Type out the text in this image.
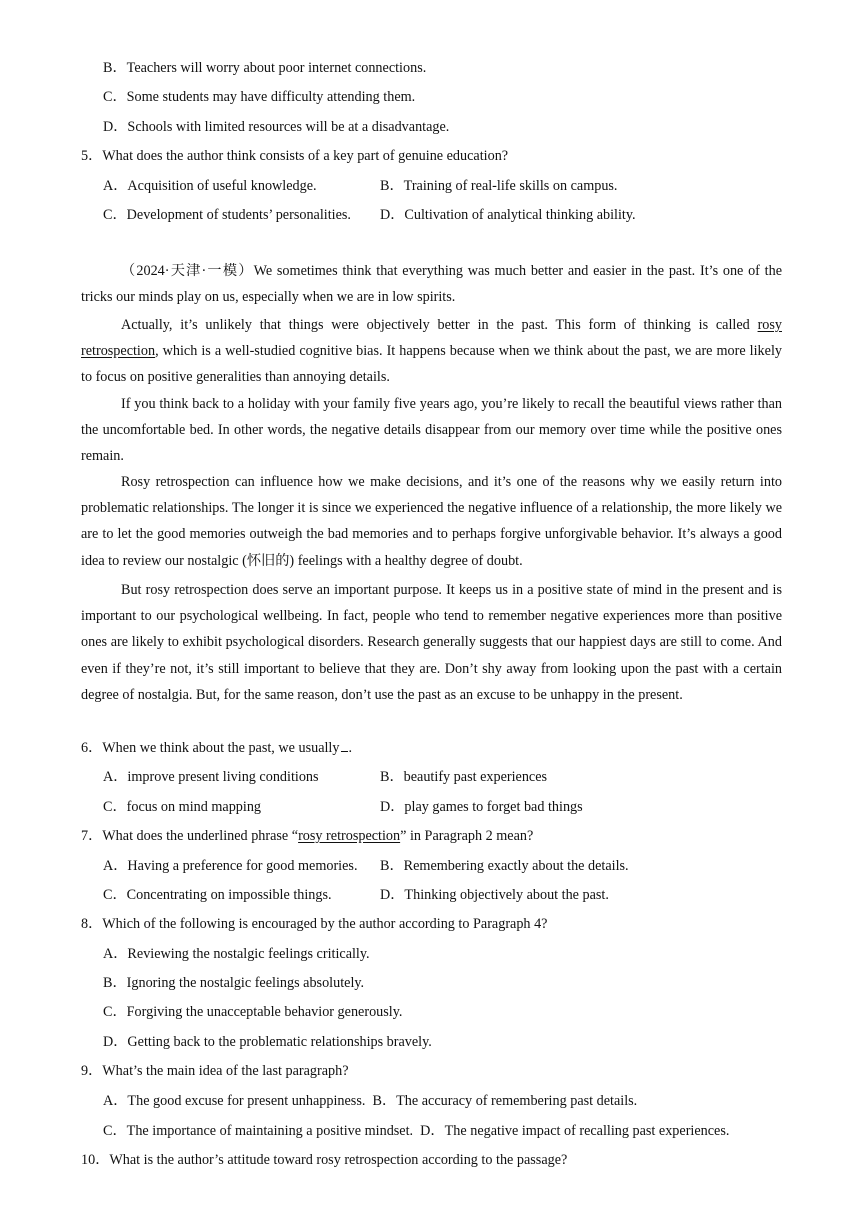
B．Teachers will worry about poor internet connections.
C．Some students may have difficulty attending them.
D．Schools with limited resources will be at a disadvantage.
5．What does the author think consists of a key part of genuine education?
A．Acquisition of useful knowledge.	B．Training of real-life skills on campus.
C．Development of students’ personalities. D．Cultivation of analytical thinking ability.
（2024·天津·一模）We sometimes think that everything was much better and easier in the past. It’s one of the tricks our minds play on us, especially when we are in low spirits.
Actually, it’s unlikely that things were objectively better in the past. This form of thinking is called rosy retrospection, which is a well-studied cognitive bias. It happens because when we think about the past, we are more likely to focus on positive generalities than annoying details.
If you think back to a holiday with your family five years ago, you’re likely to recall the beautiful views rather than the uncomfortable bed. In other words, the negative details disappear from our memory over time while the positive ones remain.
Rosy retrospection can influence how we make decisions, and it’s one of the reasons why we easily return into problematic relationships. The longer it is since we experienced the negative influence of a relationship, the more likely we are to let the good memories outweigh the bad memories and to perhaps forgive unforgivable behavior. It’s always a good idea to review our nostalgic (怀旧的) feelings with a healthy degree of doubt.
But rosy retrospection does serve an important purpose. It keeps us in a positive state of mind in the present and is important to our psychological wellbeing. In fact, people who tend to remember negative experiences more than positive ones are likely to exhibit psychological disorders. Research generally suggests that our happiest days are still to come. And even if they’re not, it’s still important to believe that they are. Don’t shy away from looking upon the past with a certain degree of nostalgia. But, for the same reason, don’t use the past as an excuse to be unhappy in the present.
6．When we think about the past, we usually .
A．improve present living conditions	B．beautify past experiences
C．focus on mind mapping	D．play games to forget bad things
7．What does the underlined phrase “rosy retrospection” in Paragraph 2 mean?
A．Having a preference for good memories. B．Remembering exactly about the details.
C．Concentrating on impossible things.	D．Thinking objectively about the past.
8．Which of the following is encouraged by the author according to Paragraph 4?
A．Reviewing the nostalgic feelings critically.
B．Ignoring the nostalgic feelings absolutely.
C．Forgiving the unacceptable behavior generously.
D．Getting back to the problematic relationships bravely.
9．What’s the main idea of the last paragraph?
A．The good excuse for present unhappiness.  B．The accuracy of remembering past details.
C．The importance of maintaining a positive mindset.  D．The negative impact of recalling past experiences.
10．What is the author’s attitude toward rosy retrospection according to the passage?
